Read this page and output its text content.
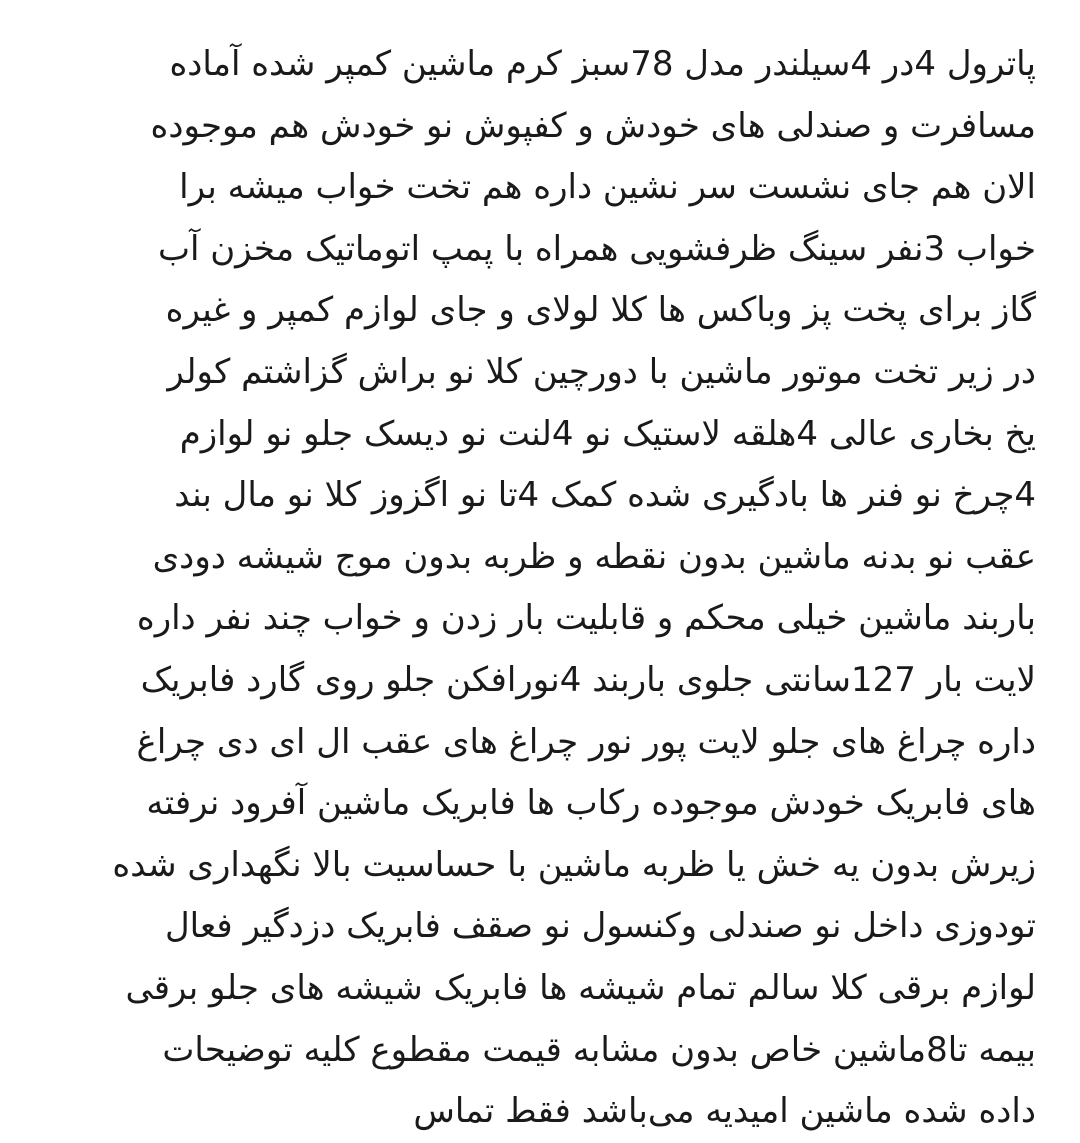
پاترول 4در 4سیلندر مدل 78سبز کرم ماشین کمپر شده آماده
مسافرت و صندلی های خودش و کفپوش نو خودش هم موجوده
الان هم جای نشست سر نشین داره هم تخت خواب میشه برا
خواب 3نفر سینگ ظرفشویی همراه با پمپ اتوماتیک مخزن آب
گاز برای پخت پز وباکس ها کلا لولای و جای لوازم کمپر و غیره
در زیر تخت موتور ماشین با دورچین کلا نو براش گزاشتم کولر
یخ بخاری عالی 4هلقه لاستیک نو 4لنت نو دیسک جلو نو لوازم
4چرخ نو فنر ها بادگیری شده کمک 4تا نو اگزوز کلا نو مال بند
عقب نو بدنه ماشین بدون نقطه و ظربه بدون موج شیشه دودی
باربند ماشین خیلی محکم و قابلیت بار زدن و خواب چند نفر داره
لایت بار 127سانتی جلوی باربند 4نورافکن جلو روی گارد فابریک
داره چراغ های جلو لایت پور نور چراغ های عقب ال ای دی چراغ
های فابریک خودش موجوده رکاب ها فابریک ماشین آفرود نرفته
زیرش بدون یه خش یا ظربه ماشین با حساسیت بالا نگهداری شده
تودوزی داخل نو صندلی وکنسول نو صقف فابریک دزدگیر فعال
لوازم برقی کلا سالم تمام شیشه ها فابریک شیشه های جلو برقی
بیمه تا8ماشین خاص بدون مشابه قیمت مقطوع کلیه توضیحات
داده شده ماشین امیدیه می‌باشد فقط تماس
